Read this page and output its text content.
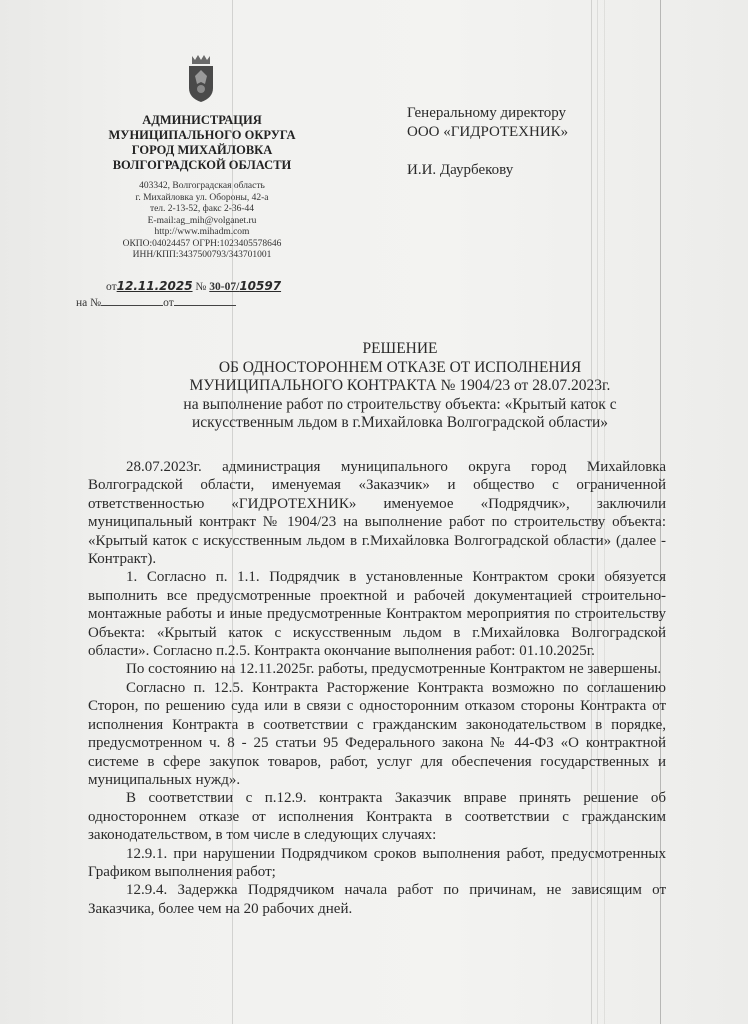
АДМИНИСТРАЦИЯ
МУНИЦИПАЛЬНОГО ОКРУГА
ГОРОД МИХАЙЛОВКА
ВОЛГОГРАДСКОЙ ОБЛАСТИ
403342, Волгоградская область
г. Михайловка ул. Обороны, 42-а
тел. 2-13-52, факс 2-36-44
E-mail:ag_mih@volganet.ru
http://www.mihadm.com
ОКПО:04024457 ОГРН:1023405578646
ИНН/КПП:3437500793/343701001
от12.11.2025 № 30-07/10597
на №	от
Генеральному директору
ООО «ГИДРОТЕХНИК»
И.И. Даурбекову
РЕШЕНИЕ
ОБ ОДНОСТОРОННЕМ ОТКАЗЕ ОТ ИСПОЛНЕНИЯ
МУНИЦИПАЛЬНОГО КОНТРАКТА № 1904/23 от 28.07.2023г.
на выполнение работ по строительству объекта: «Крытый каток с
искусственным льдом в г.Михайловка Волгоградской области»

28.07.2023г. администрация муниципального округа город Михайловка Волгоградской области, именуемая «Заказчик» и общество с ограниченной ответственностью «ГИДРОТЕХНИК» именуемое «Подрядчик», заключили муниципальный контракт № 1904/23 на выполнение работ по строительству объекта: «Крытый каток с искусственным льдом в г.Михайловка Волгоградской области» (далее - Контракт).

1. Согласно п. 1.1. Подрядчик в установленные Контрактом сроки обязуется выполнить все предусмотренные проектной и рабочей документацией строительно-монтажные работы и иные предусмотренные Контрактом мероприятия по строительству Объекта: «Крытый каток с искусственным льдом в г.Михайловка Волгоградской области». Согласно п.2.5. Контракта окончание выполнения работ: 01.10.2025г.

По состоянию на 12.11.2025г. работы, предусмотренные Контрактом не завершены.

Согласно п. 12.5. Контракта Расторжение Контракта возможно по соглашению Сторон, по решению суда или в связи с односторонним отказом стороны Контракта от исполнения Контракта в соответствии с гражданским законодательством в порядке, предусмотренном ч. 8 - 25 статьи 95 Федерального закона № 44-ФЗ «О контрактной системе в сфере закупок товаров, работ, услуг для обеспечения государственных и муниципальных нужд».

В соответствии с п.12.9. контракта Заказчик вправе принять решение об одностороннем отказе от исполнения Контракта в соответствии с гражданским законодательством, в том числе в следующих случаях:

12.9.1. при нарушении Подрядчиком сроков выполнения работ, предусмотренных Графиком выполнения работ;

12.9.4. Задержка Подрядчиком начала работ по причинам, не зависящим от Заказчика, более чем на 20 рабочих дней.
